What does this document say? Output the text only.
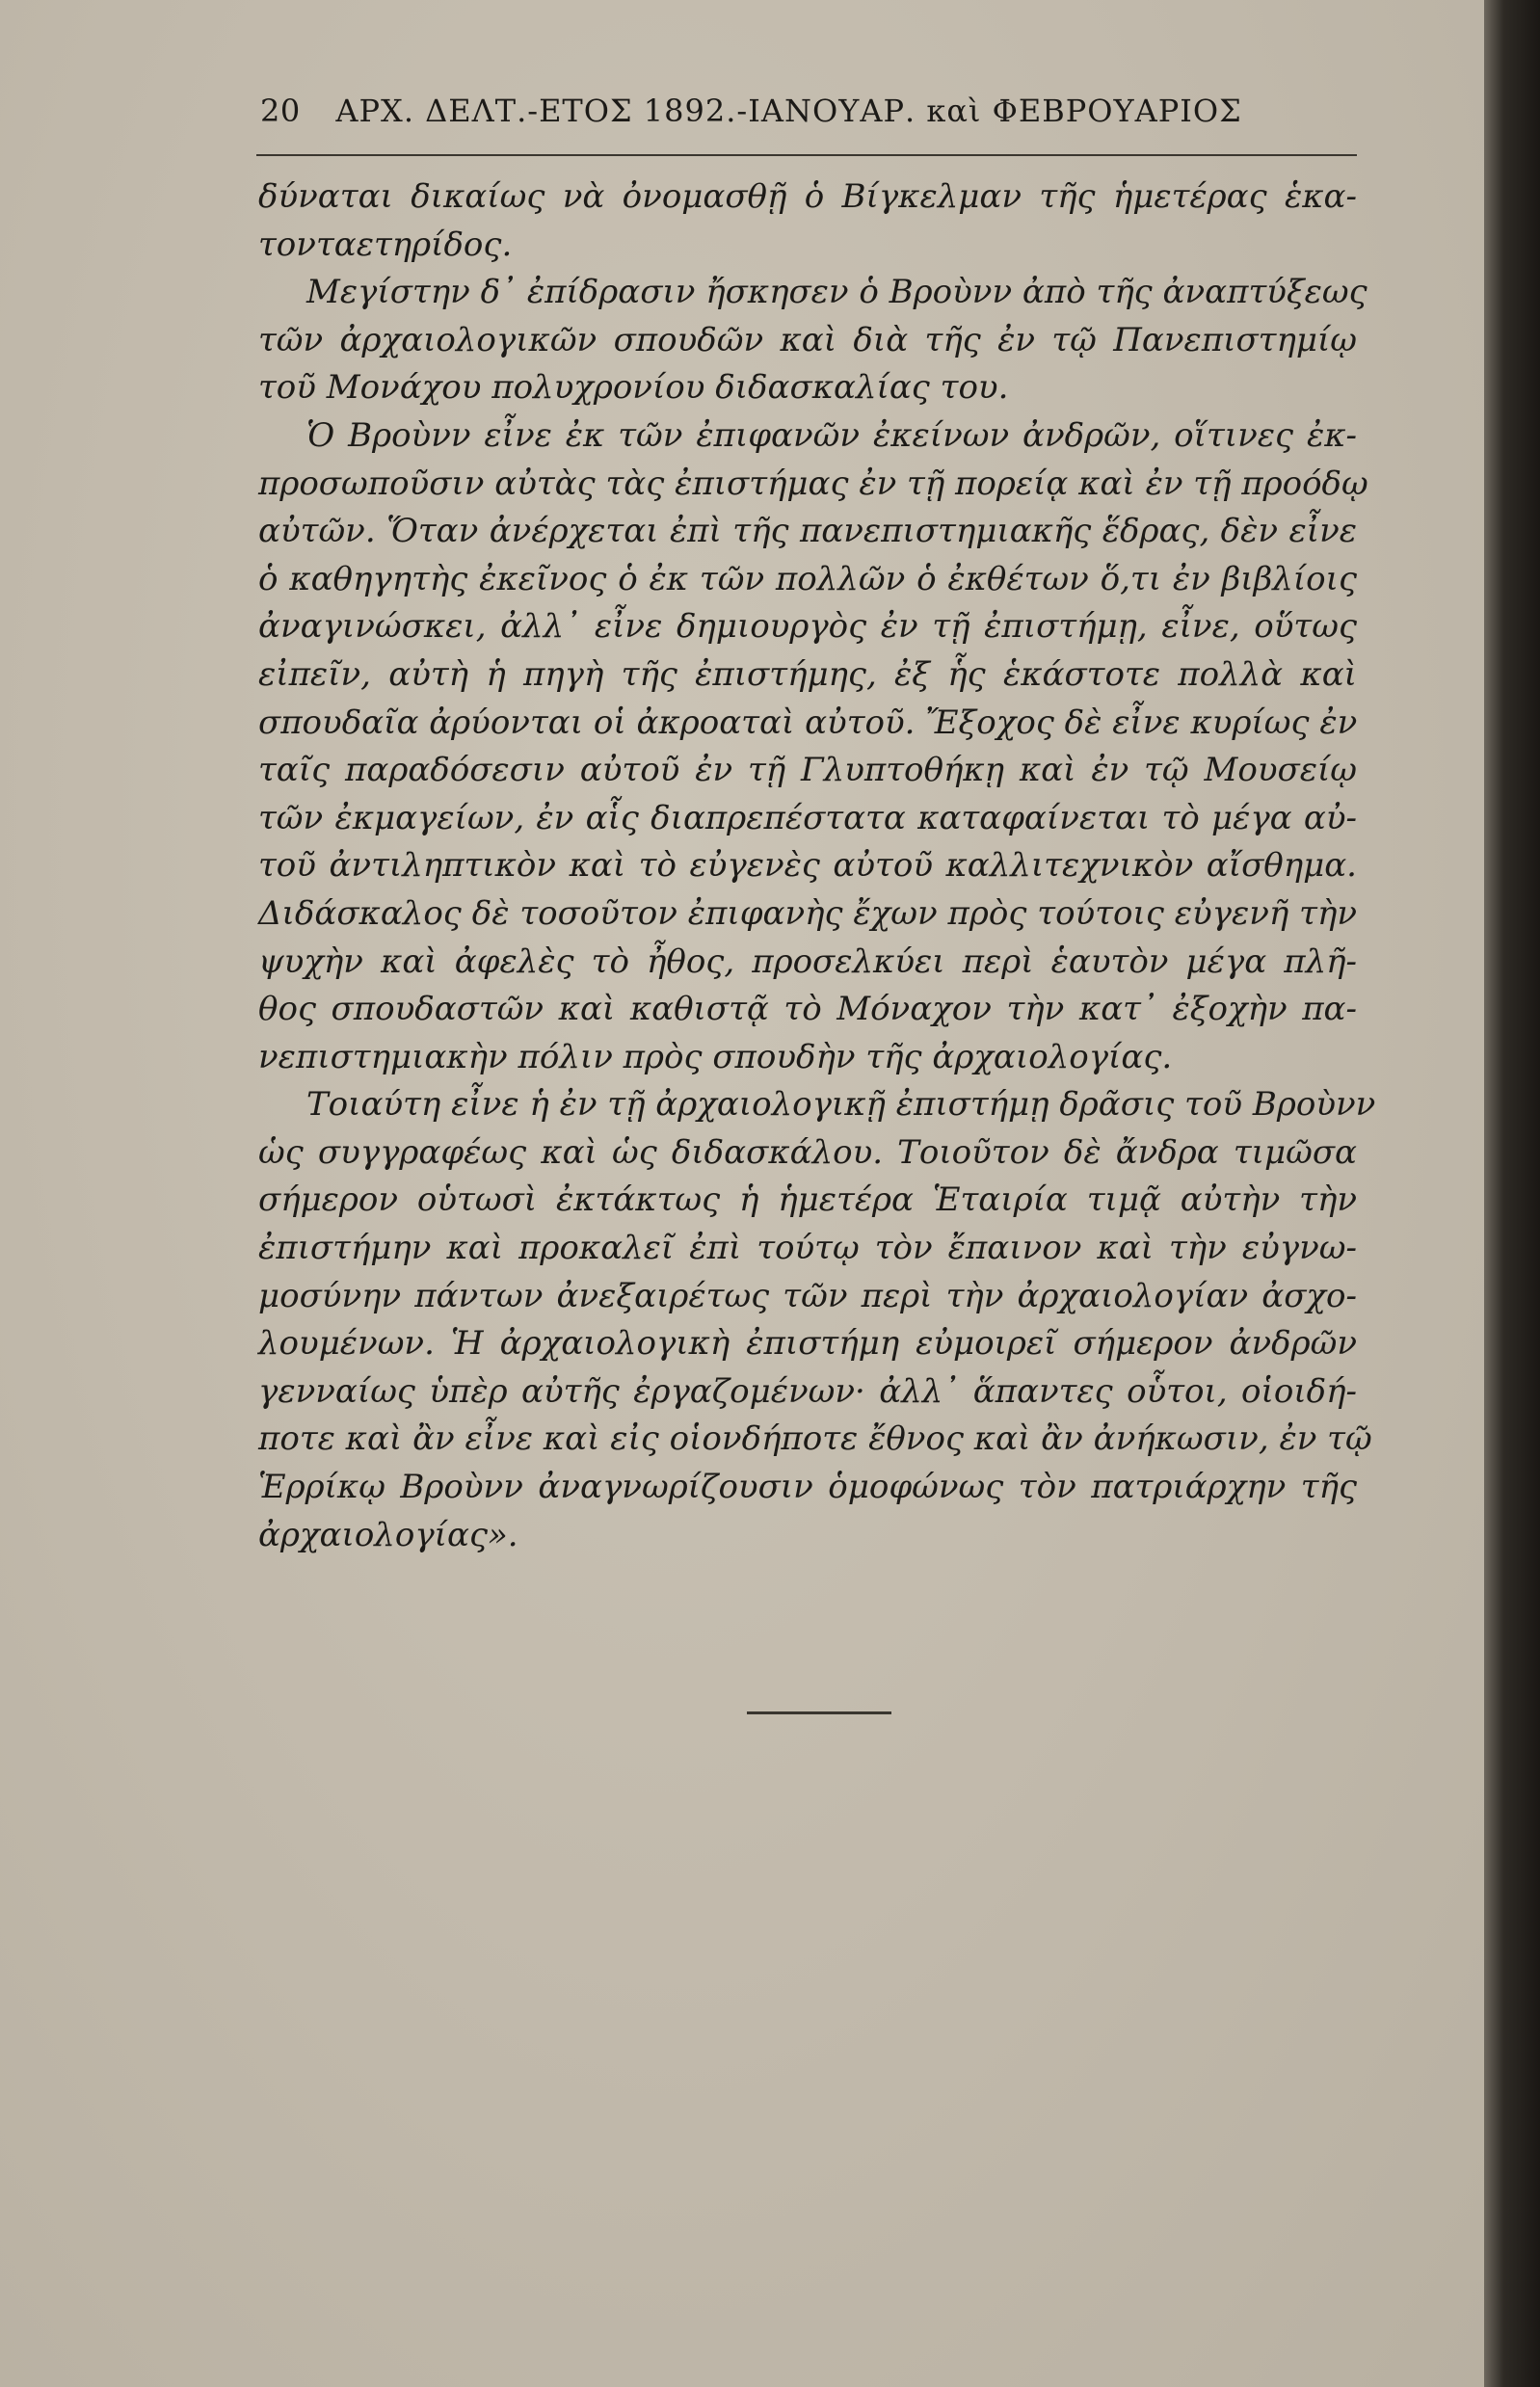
20 ΑΡΧ. ΔΕΛΤ.-ΕΤΟΣ 1892.-ΙΑΝΟΥΑΡ. καὶ ΦΕΒΡΟΥΑΡΙΟΣ
δύναται δικαίως νὰ ὀνομασθῇ ὁ Βίγκελμαν τῆς ἡμετέρας ἑκα-
τονταετηρίδος.
Μεγίστην δ᾽ ἐπίδρασιν ἤσκησεν ὁ Βροὺνν ἀπὸ τῆς ἀναπτύξεως
τῶν ἀρχαιολογικῶν σπουδῶν καὶ διὰ τῆς ἐν τῷ Πανεπιστημίῳ
τοῦ Μονάχου πολυχρονίου διδασκαλίας του.
Ὁ Βροὺνν εἶνε ἐκ τῶν ἐπιφανῶν ἐκείνων ἀνδρῶν, οἵτινες ἐκ-
προσωποῦσιν αὐτὰς τὰς ἐπιστήμας ἐν τῇ πορείᾳ καὶ ἐν τῇ προόδῳ
αὐτῶν. Ὅταν ἀνέρχεται ἐπὶ τῆς πανεπιστημιακῆς ἕδρας, δὲν εἶνε
ὁ καθηγητὴς ἐκεῖνος ὁ ἐκ τῶν πολλῶν ὁ ἐκθέτων ὅ,τι ἐν βιβλίοις
ἀναγινώσκει, ἀλλ᾽ εἶνε δημιουργὸς ἐν τῇ ἐπιστήμῃ, εἶνε, οὕτως
εἰπεῖν, αὐτὴ ἡ πηγὴ τῆς ἐπιστήμης, ἐξ ἧς ἑκάστοτε πολλὰ καὶ
σπουδαῖα ἀρύονται οἱ ἀκροαταὶ αὐτοῦ. Ἔξοχος δὲ εἶνε κυρίως ἐν
ταῖς παραδόσεσιν αὐτοῦ ἐν τῇ Γλυπτοθήκῃ καὶ ἐν τῷ Μουσείῳ
τῶν ἐκμαγείων, ἐν αἷς διαπρεπέστατα καταφαίνεται τὸ μέγα αὐ-
τοῦ ἀντιληπτικὸν καὶ τὸ εὐγενὲς αὐτοῦ καλλιτεχνικὸν αἴσθημα.
Διδάσκαλος δὲ τοσοῦτον ἐπιφανὴς ἔχων πρὸς τούτοις εὐγενῆ τὴν
ψυχὴν καὶ ἀφελὲς τὸ ἦθος, προσελκύει περὶ ἑαυτὸν μέγα πλῆ-
θος σπουδαστῶν καὶ καθιστᾷ τὸ Μόναχον τὴν κατ᾽ ἐξοχὴν πα-
νεπιστημιακὴν πόλιν πρὸς σπουδὴν τῆς ἀρχαιολογίας.
Τοιαύτη εἶνε ἡ ἐν τῇ ἀρχαιολογικῇ ἐπιστήμῃ δρᾶσις τοῦ Βροὺνν
ὡς συγγραφέως καὶ ὡς διδασκάλου. Τοιοῦτον δὲ ἄνδρα τιμῶσα
σήμερον οὑτωσὶ ἐκτάκτως ἡ ἡμετέρα Ἑταιρία τιμᾷ αὐτὴν τὴν
ἐπιστήμην καὶ προκαλεῖ ἐπὶ τούτῳ τὸν ἔπαινον καὶ τὴν εὐγνω-
μοσύνην πάντων ἀνεξαιρέτως τῶν περὶ τὴν ἀρχαιολογίαν ἀσχο-
λουμένων. Ἡ ἀρχαιολογικὴ ἐπιστήμη εὐμοιρεῖ σήμερον ἀνδρῶν
γενναίως ὑπὲρ αὐτῆς ἐργαζομένων· ἀλλ᾽ ἅπαντες οὗτοι, οἱοιδή-
ποτε καὶ ἂν εἶνε καὶ εἰς οἱονδήποτε ἔθνος καὶ ἂν ἀνήκωσιν, ἐν τῷ
Ἑρρίκῳ Βροὺνν ἀναγνωρίζουσιν ὁμοφώνως τὸν πατριάρχην τῆς
ἀρχαιολογίας».
